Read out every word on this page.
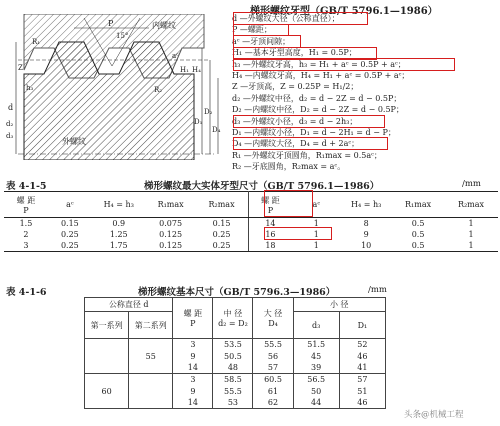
梯形螺纹牙型（GB/T 5796.1—1986）
内螺纹
外螺纹
P
15°
Z
R₁
R₂
aᶜ
H₁ H₄
h₃
d
d₂
d₃
D₁
D₂
D₄
d —外螺纹大径（公称直径）；
P —螺距；
aᶜ —牙顶间隙；
H₁ —基本牙型高度，H₁ = 0.5P；
h₃ —外螺纹牙高，h₃ = H₁ + aᶜ = 0.5P + aᶜ；
H₄ —内螺纹牙高，H₄ = H₁ + aᶜ = 0.5P + aᶜ；
Z —牙顶高，Z = 0.25P = H₁/2；
d₂ —外螺纹中径，d₂ = d − 2Z = d − 0.5P；
D₂ —内螺纹中径，D₂ = d − 2Z = d − 0.5P；
d₃ —外螺纹小径，d₃ = d − 2h₃；
D₁ —内螺纹小径，D₁ = d − 2H₁ = d − P；
D₄ —内螺纹大径，D₄ = d + 2aᶜ；
R₁ —外螺纹牙顶圆角，R₁max = 0.5aᶜ；
R₂ —牙底圆角，R₂max = aᶜ。
表 4-1-5	梯形螺纹最大实体牙型尺寸（GB/T 5796.1—1986）	/mm
螺 距
P	aᶜ	H₄ = h₃	R₁max	R₂max	螺 距
P	aᶜ	H₄ = h₃	R₁max	R₂max
1.5	0.15	0.9	0.075	0.15	14	1	8	0.5	1
2	0.25	1.25	0.125	0.25	16	1	9	0.5	1
3	0.25	1.75	0.125	0.25	18	1	10	0.5	1
表 4-1-6	梯形螺纹基本尺寸（GB/T 5796.3—1986）	/mm
公称直径 d		螺 距
P	中 径
d₂ = D₂	大 径
D₄	小 径	
第一系列	第二系列				d₃	D₁
		3	53.5	55.5	51.5	52
	55	9	50.5	56	45	46
		14	48	57	39	41
		3	58.5	60.5	56.5	57
60		9	55.5	61	50	51
		14	53	62	44	46
头条@机械工程
